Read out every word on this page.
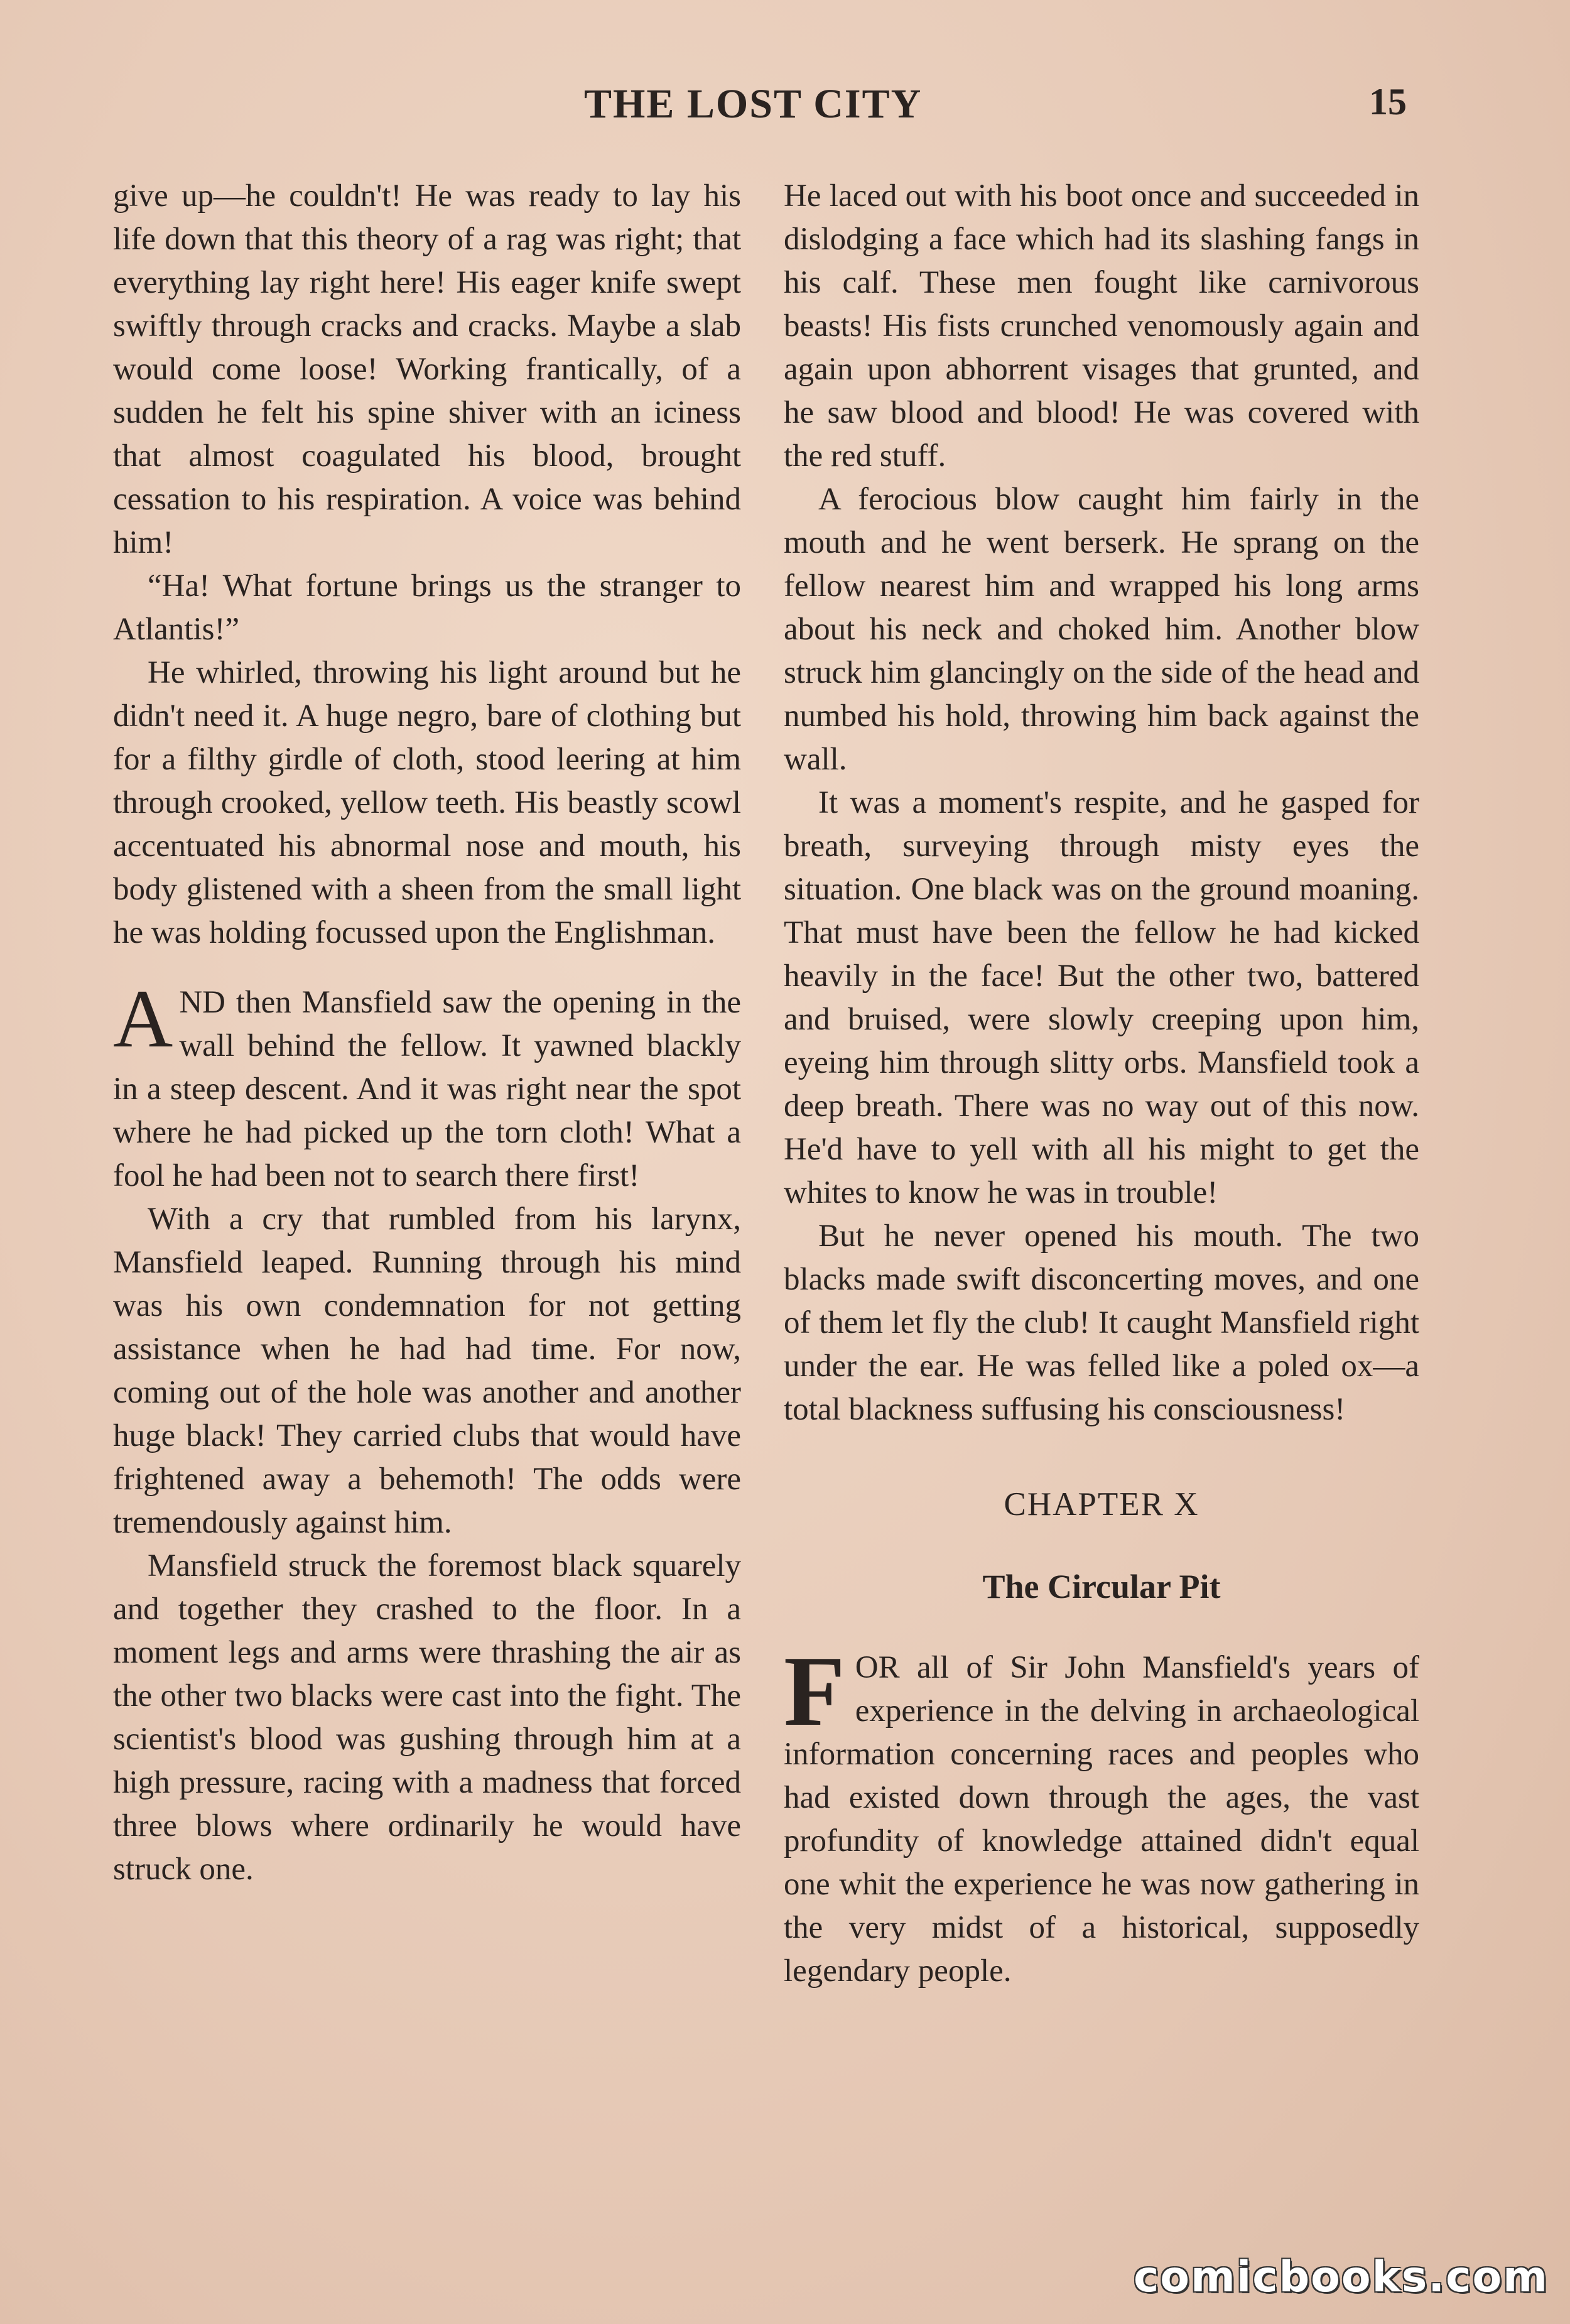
THE LOST CITY	15

give up—he couldn't! He was ready to lay his life down that this theory of a rag was right; that everything lay right here! His eager knife swept swiftly through cracks and cracks. Maybe a slab would come loose! Working frantically, of a sudden he felt his spine shiver with an iciness that almost coagulated his blood, brought cessation to his respiration. A voice was behind him!

“Ha! What fortune brings us the stranger to Atlantis!”

He whirled, throwing his light around but he didn't need it. A huge negro, bare of clothing but for a filthy girdle of cloth, stood leering at him through crooked, yellow teeth. His beastly scowl accentuated his abnormal nose and mouth, his body glistened with a sheen from the small light he was holding focussed upon the Englishman.

AND then Mansfield saw the opening in the wall behind the fellow. It yawned blackly in a steep descent. And it was right near the spot where he had picked up the torn cloth! What a fool he had been not to search there first!

With a cry that rumbled from his larynx, Mansfield leaped. Running through his mind was his own condemnation for not getting assistance when he had had time. For now, coming out of the hole was another and another huge black! They carried clubs that would have frightened away a behemoth! The odds were tremendously against him.

Mansfield struck the foremost black squarely and together they crashed to the floor. In a moment legs and arms were thrashing the air as the other two blacks were cast into the fight. The scientist's blood was gushing through him at a high pressure, racing with a madness that forced three blows where ordinarily he would have struck one.

He laced out with his boot once and succeeded in dislodging a face which had its slashing fangs in his calf. These men fought like carnivorous beasts! His fists crunched venomously again and again upon abhorrent visages that grunted, and he saw blood and blood! He was covered with the red stuff.

A ferocious blow caught him fairly in the mouth and he went berserk. He sprang on the fellow nearest him and wrapped his long arms about his neck and choked him. Another blow struck him glancingly on the side of the head and numbed his hold, throwing him back against the wall.

It was a moment's respite, and he gasped for breath, surveying through misty eyes the situation. One black was on the ground moaning. That must have been the fellow he had kicked heavily in the face! But the other two, battered and bruised, were slowly creeping upon him, eyeing him through slitty orbs. Mansfield took a deep breath. There was no way out of this now. He'd have to yell with all his might to get the whites to know he was in trouble!

But he never opened his mouth. The two blacks made swift disconcerting moves, and one of them let fly the club! It caught Mansfield right under the ear. He was felled like a poled ox—a total blackness suffusing his consciousness!

CHAPTER X
The Circular Pit

FOR all of Sir John Mansfield's years of experience in the delving in archaeological information concerning races and peoples who had existed down through the ages, the vast profundity of knowledge attained didn't equal one whit the experience he was now gathering in the very midst of a historical, supposedly legendary people.

comicbooks.com
